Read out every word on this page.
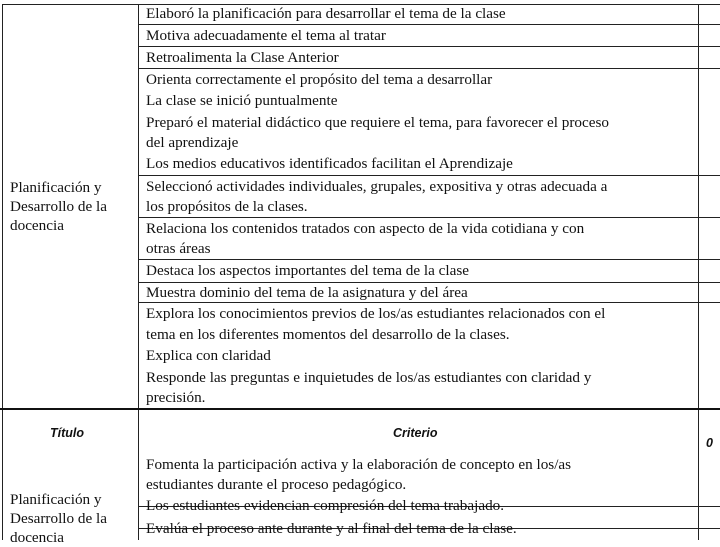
Planificación y Desarrollo de la docencia
Elaboró la planificación para desarrollar el tema de la clase
Motiva adecuadamente el tema al tratar
Retroalimenta la Clase Anterior
Orienta correctamente el propósito del tema a desarrollar
La clase se inició puntualmente
Preparó el material didáctico que requiere el tema, para favorecer el proceso
del aprendizaje
Los medios educativos identificados facilitan el Aprendizaje
Seleccionó actividades individuales, grupales, expositiva y otras adecuada a
los propósitos de la clases.
Relaciona los contenidos tratados con aspecto de la vida cotidiana y con
otras áreas
Destaca los aspectos importantes del tema de la clase
Muestra dominio del tema de la asignatura y del área
Explora los conocimientos previos de los/as estudiantes relacionados con el
tema en los diferentes momentos del desarrollo de la clases.
Explica con claridad
Responde las preguntas e inquietudes de los/as estudiantes con claridad y
precisión.
Título	Criterio
0
Planificación y Desarrollo de la docencia
Fomenta la participación activa y la elaboración de concepto en los/as
estudiantes durante el proceso pedagógico.
Los estudiantes evidencian compresión del tema trabajado.
Evalúa el proceso ante durante y al final del tema de la clase.
